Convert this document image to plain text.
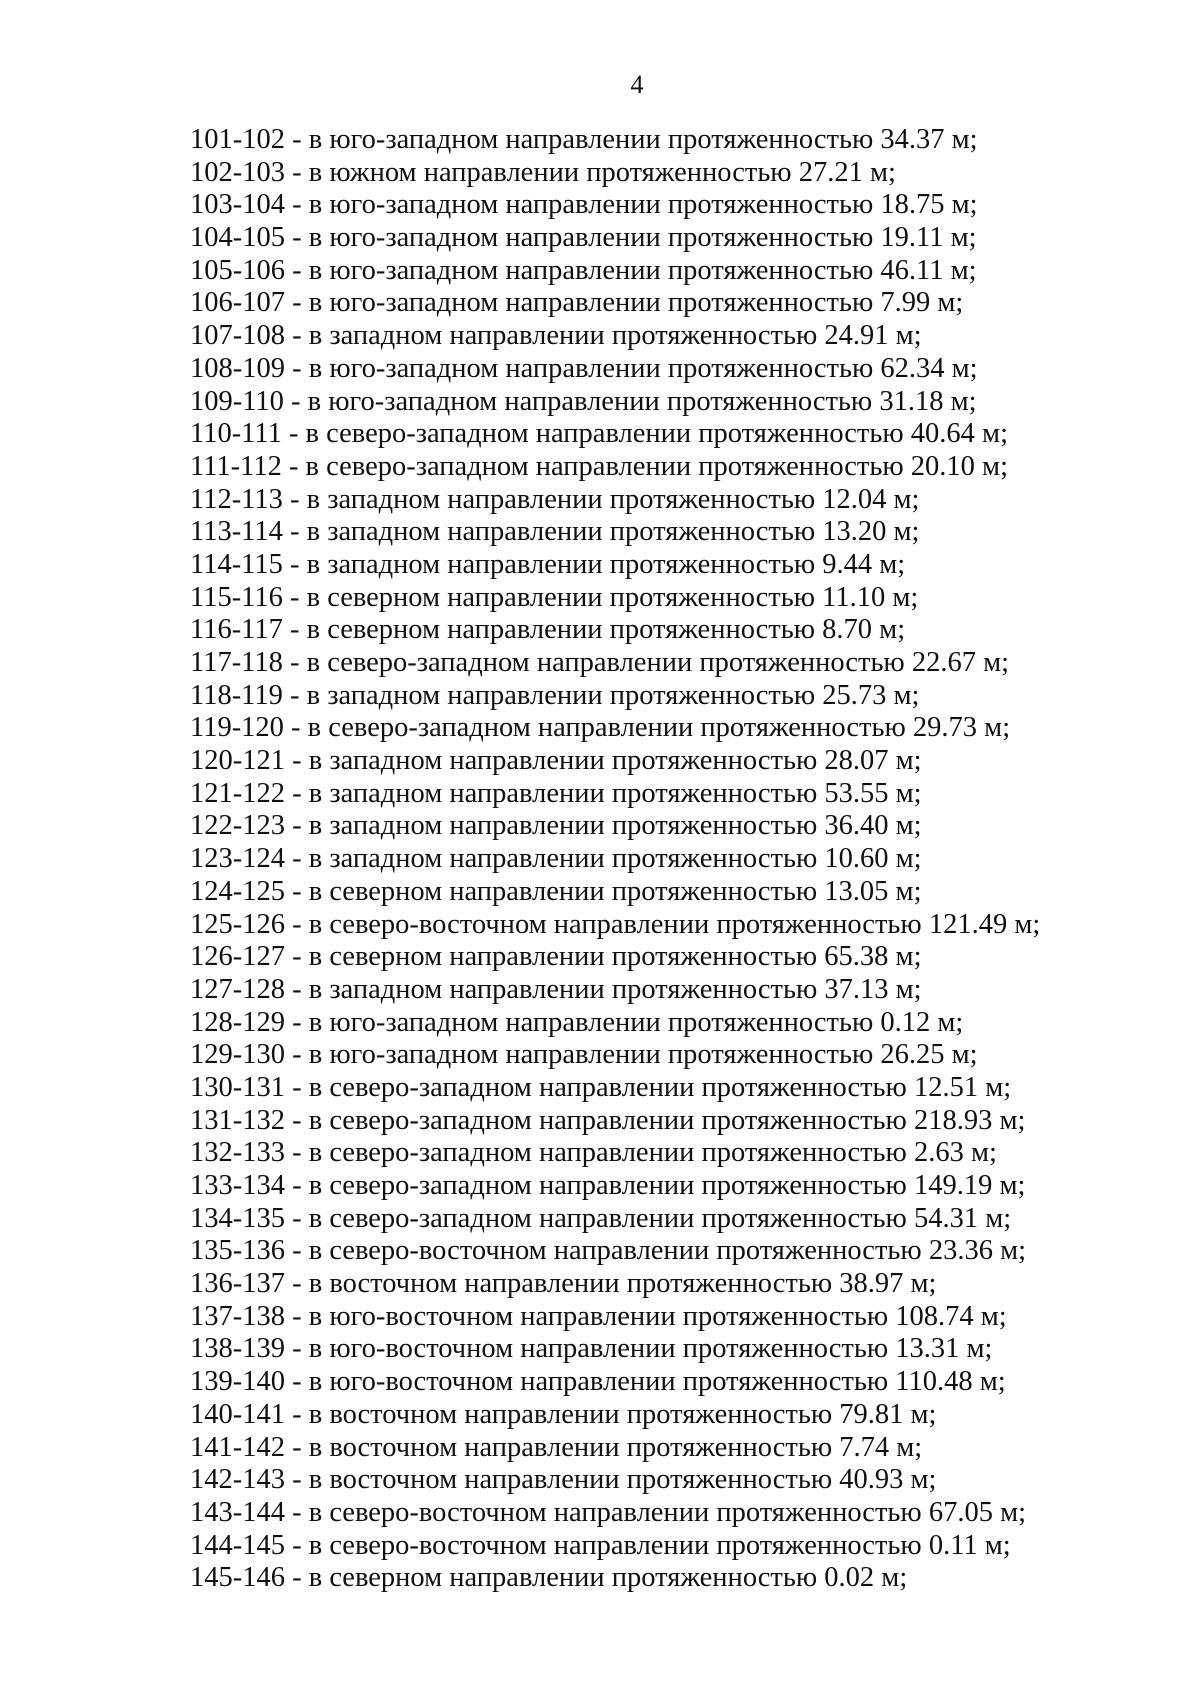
4
101-102 - в юго-западном направлении протяженностью 34.37 м;
102-103 - в южном направлении протяженностью 27.21 м;
103-104 - в юго-западном направлении протяженностью 18.75 м;
104-105 - в юго-западном направлении протяженностью 19.11 м;
105-106 - в юго-западном направлении протяженностью 46.11 м;
106-107 - в юго-западном направлении протяженностью 7.99 м;
107-108 - в западном направлении протяженностью 24.91 м;
108-109 - в юго-западном направлении протяженностью 62.34 м;
109-110 - в юго-западном направлении протяженностью 31.18 м;
110-111 - в северо-западном направлении протяженностью 40.64 м;
111-112 - в северо-западном направлении протяженностью 20.10 м;
112-113 - в западном направлении протяженностью 12.04 м;
113-114 - в западном направлении протяженностью 13.20 м;
114-115 - в западном направлении протяженностью 9.44 м;
115-116 - в северном направлении протяженностью 11.10 м;
116-117 - в северном направлении протяженностью 8.70 м;
117-118 - в северо-западном направлении протяженностью 22.67 м;
118-119 - в западном направлении протяженностью 25.73 м;
119-120 - в северо-западном направлении протяженностью 29.73 м;
120-121 - в западном направлении протяженностью 28.07 м;
121-122 - в западном направлении протяженностью 53.55 м;
122-123 - в западном направлении протяженностью 36.40 м;
123-124 - в западном направлении протяженностью 10.60 м;
124-125 - в северном направлении протяженностью 13.05 м;
125-126 - в северо-восточном направлении протяженностью 121.49 м;
126-127 - в северном направлении протяженностью 65.38 м;
127-128 - в западном направлении протяженностью 37.13 м;
128-129 - в юго-западном направлении протяженностью 0.12 м;
129-130 - в юго-западном направлении протяженностью 26.25 м;
130-131 - в северо-западном направлении протяженностью 12.51 м;
131-132 - в северо-западном направлении протяженностью 218.93 м;
132-133 - в северо-западном направлении протяженностью 2.63 м;
133-134 - в северо-западном направлении протяженностью 149.19 м;
134-135 - в северо-западном направлении протяженностью 54.31 м;
135-136 - в северо-восточном направлении протяженностью 23.36 м;
136-137 - в восточном направлении протяженностью 38.97 м;
137-138 - в юго-восточном направлении протяженностью 108.74 м;
138-139 - в юго-восточном направлении протяженностью 13.31 м;
139-140 - в юго-восточном направлении протяженностью 110.48 м;
140-141 - в восточном направлении протяженностью 79.81 м;
141-142 - в восточном направлении протяженностью 7.74 м;
142-143 - в восточном направлении протяженностью 40.93 м;
143-144 - в северо-восточном направлении протяженностью 67.05 м;
144-145 - в северо-восточном направлении протяженностью 0.11 м;
145-146 - в северном направлении протяженностью 0.02 м;
